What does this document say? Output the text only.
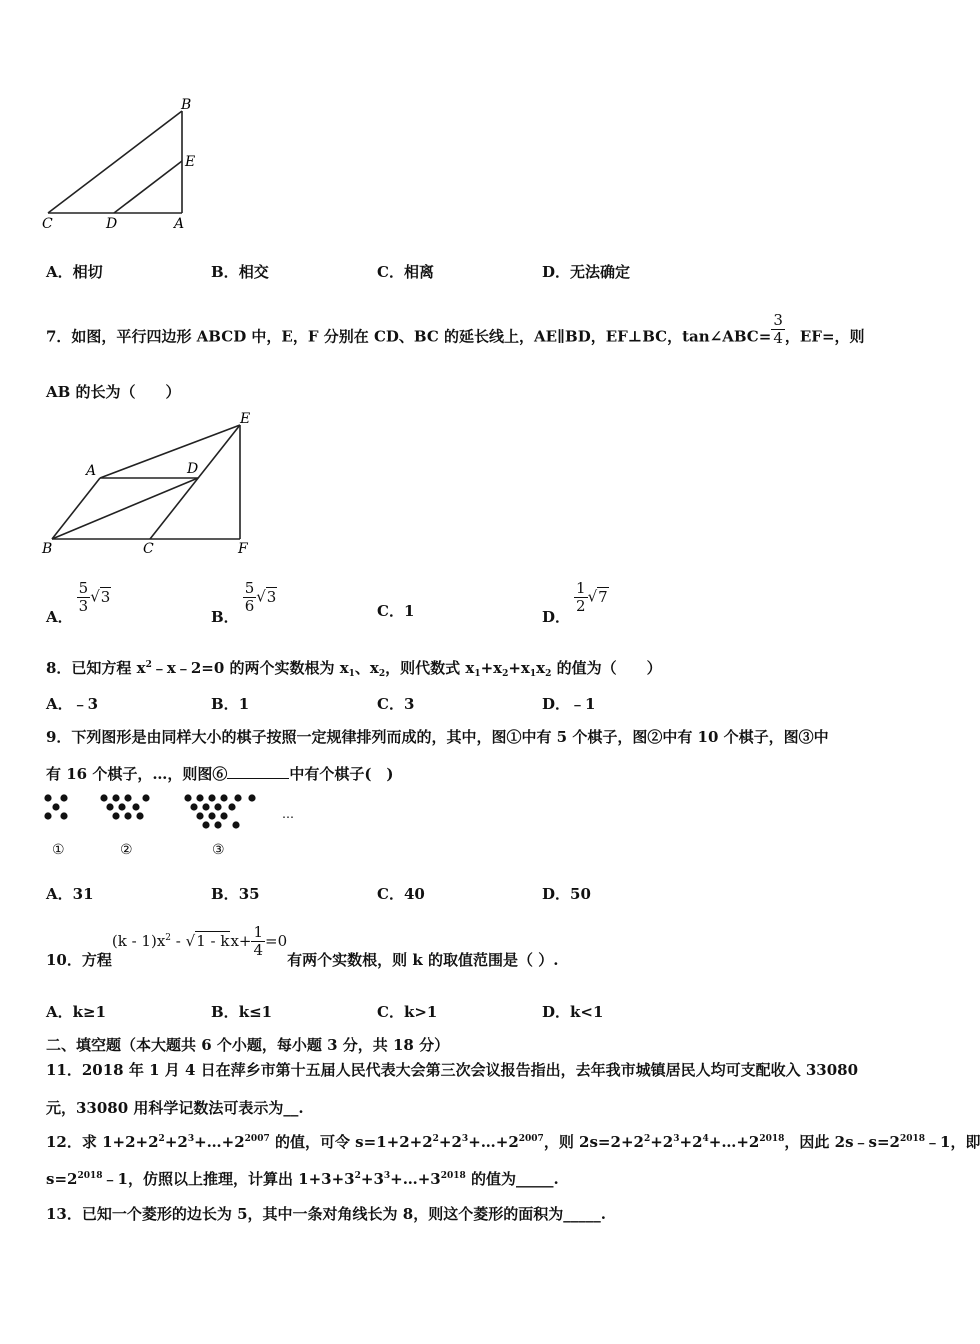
B
E
C	D	A
A．相切	B．相交	C．相离	D．无法确定
7．如图，平行四边形 ABCD 中，E，F 分别在 CD、BC 的延长线上，AE∥BD，EF⊥BC，tan∠ABC= $\frac{3}{4}$ ，EF=，则
AB 的长为（　　）
A	D
E
B	C	F
A．
$\frac{5}{3} √3$
B．
$\frac{5}{6} √3$
C．1	D．
$\frac{1}{2} √7$
8．已知方程 $x^2﹣x﹣2=0$ 的两个实数根为 $x_1$、$x_2$，则代数式 $x_1+x_2+x_1x_2$ 的值为（　　）
A．﹣3	B．1	C．3	D．﹣1
9．下列图形是由同样大小的棋子按照一定规律排列而成的，其中，图①中有 5 个棋子，图②中有 10 个棋子，图③中
有 16 个棋子，…，则图⑥	中有个棋子(　)
…
①	②	③
A．31	B．35	C．40	D．50
10．方程$(k - 1)x^2 - √1 - kx+ \frac{1}{4} =0$有两个实数根，则 k 的取值范围是（ ）.
A．k≥1	B．k≤1	C．k>1	D．k<1
二、填空题（本大题共 6 个小题，每小题 3 分，共 18 分）
11．2018 年 1 月 4 日在萍乡市第十五届人民代表大会第三次会议报告指出，去年我市城镇居民人均可支配收入 33080
元，33080 用科学记数法可表示为__.
12．求 $1+2+2^2+2^3+\dots+2^{2007}$ 的值，可令 $s=1+2+2^2+2^3+\dots+2^{2007}$，则 $2s=2+2^2+2^3+2^4+\dots+2^{2018}$，因此 $2s﹣s=2^{2018}﹣1$，即
$s=2^{2018}﹣1$，仿照以上推理，计算出 $1+3+3^2+3^3+\dots+3^{2018}$ 的值为_____.
13．已知一个菱形的边长为 5，其中一条对角线长为 8，则这个菱形的面积为_____.
